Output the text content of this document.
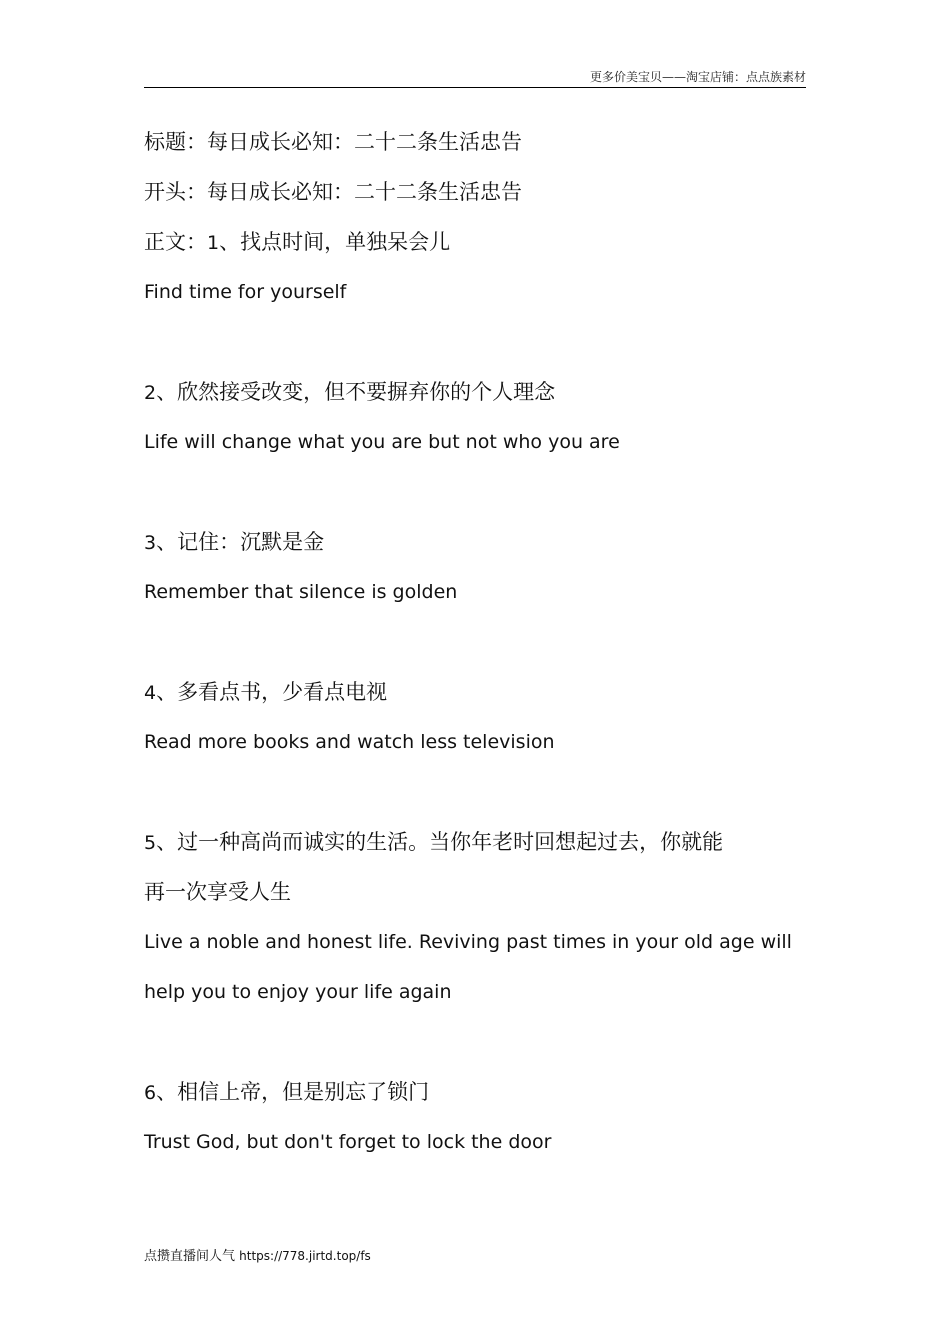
更多价美宝贝——淘宝店铺：点点族素材
标题：每日成长必知：二十二条生活忠告
开头：每日成长必知：二十二条生活忠告
正文：1、找点时间，单独呆会儿
Find time for yourself
2、欣然接受改变，但不要摒弃你的个人理念
Life will change what you are but not who you are
3、记住：沉默是金
Remember that silence is golden
4、多看点书，少看点电视
Read more books and watch less television
5、过一种高尚而诚实的生活。当你年老时回想起过去，你就能
再一次享受人生
Live a noble and honest life. Reviving past times in your old age will
help you to enjoy your life again
6、相信上帝，但是别忘了锁门
Trust God, but don't forget to lock the door
点攒直播间人气 https://778.jirtd.top/fs
